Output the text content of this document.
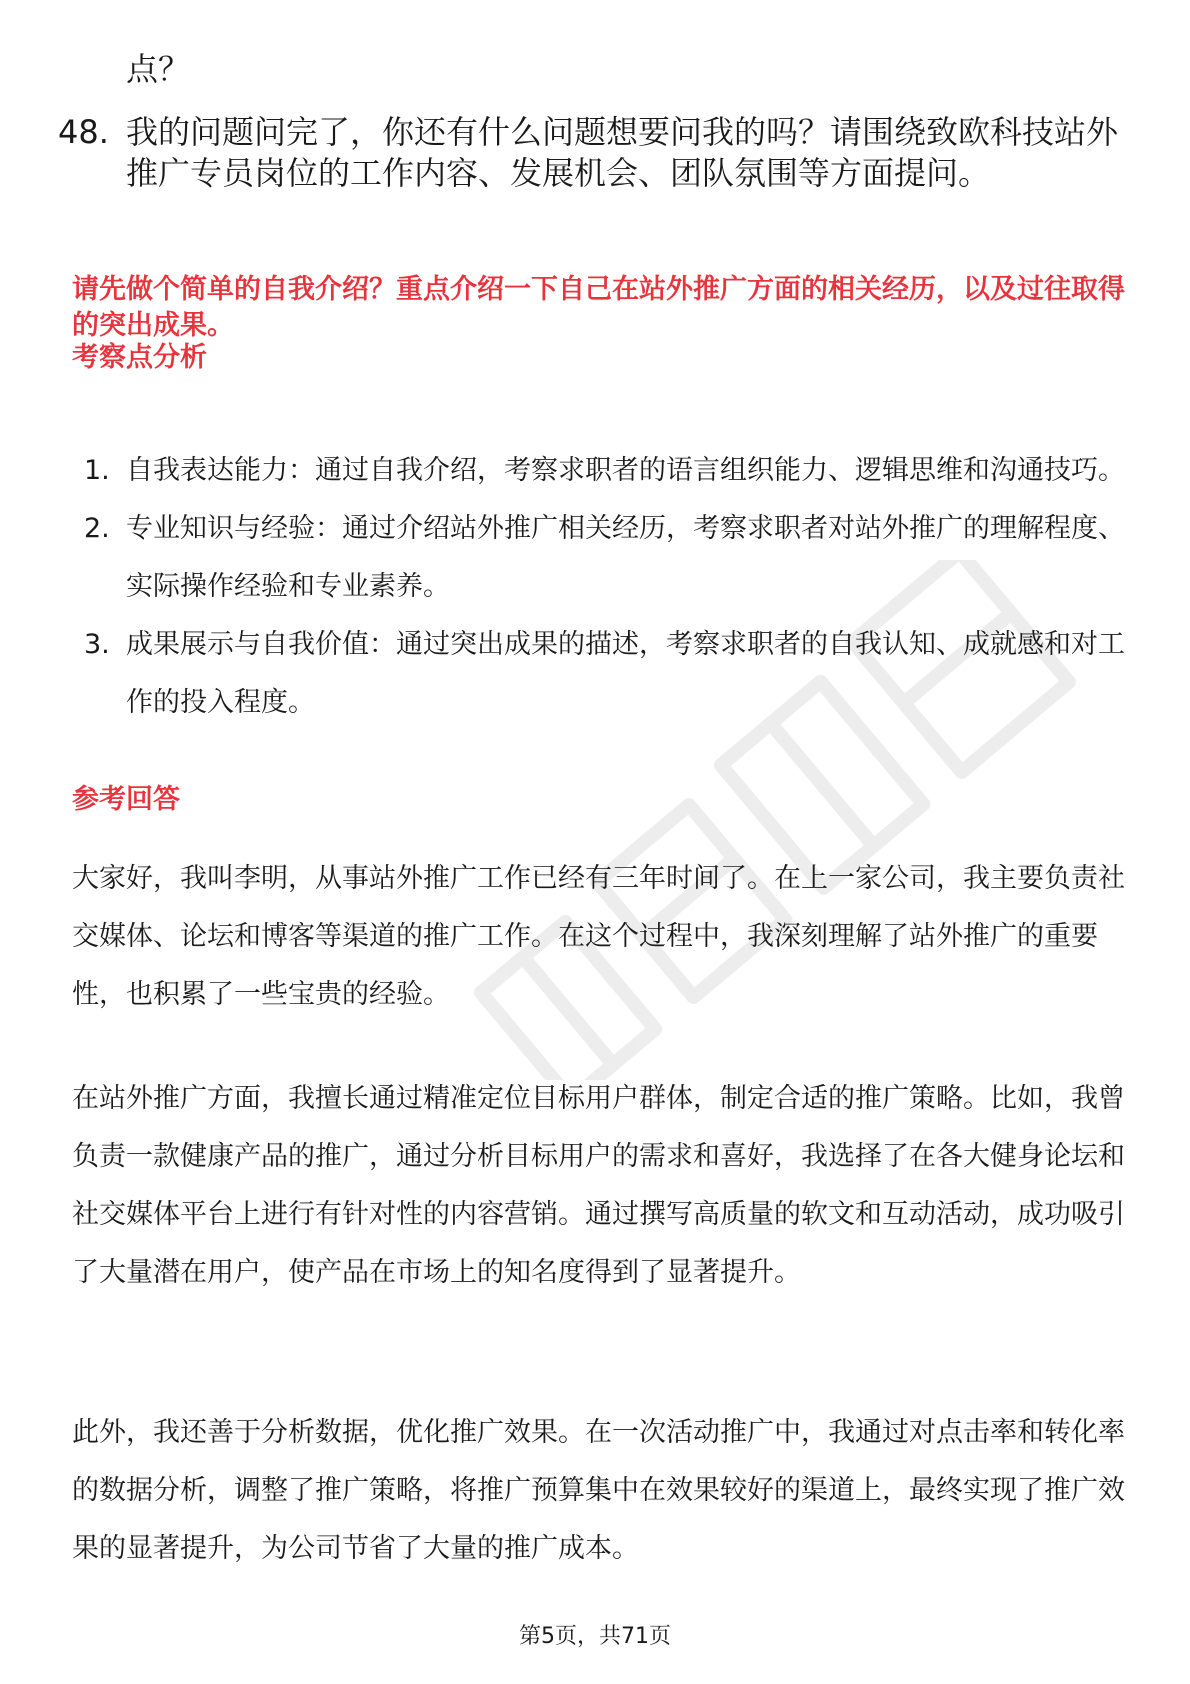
点？

48. 我的问题问完了，你还有什么问题想要问我的吗？请围绕致欧科技站外推广专员岗位的工作内容、发展机会、团队氛围等方面提问。

请先做个简单的自我介绍？重点介绍一下自己在站外推广方面的相关经历，以及过往取得的突出成果。

考察点分析

1. 自我表达能力：通过自我介绍，考察求职者的语言组织能力、逻辑思维和沟通技巧。
2. 专业知识与经验：通过介绍站外推广相关经历，考察求职者对站外推广的理解程度、实际操作经验和专业素养。
3. 成果展示与自我价值：通过突出成果的描述，考察求职者的自我认知、成就感和对工作的投入程度。

参考回答

大家好，我叫李明，从事站外推广工作已经有三年时间了。在上一家公司，我主要负责社交媒体、论坛和博客等渠道的推广工作。在这个过程中，我深刻理解了站外推广的重要性，也积累了一些宝贵的经验。

在站外推广方面，我擅长通过精准定位目标用户群体，制定合适的推广策略。比如，我曾负责一款健康产品的推广，通过分析目标用户的需求和喜好，我选择了在各大健身论坛和社交媒体平台上进行有针对性的内容营销。通过撰写高质量的软文和互动活动，成功吸引了大量潜在用户，使产品在市场上的知名度得到了显著提升。

此外，我还善于分析数据，优化推广效果。在一次活动推广中，我通过对点击率和转化率的数据分析，调整了推广策略，将推广预算集中在效果较好的渠道上，最终实现了推广效果的显著提升，为公司节省了大量的推广成本。

第5页，共71页
